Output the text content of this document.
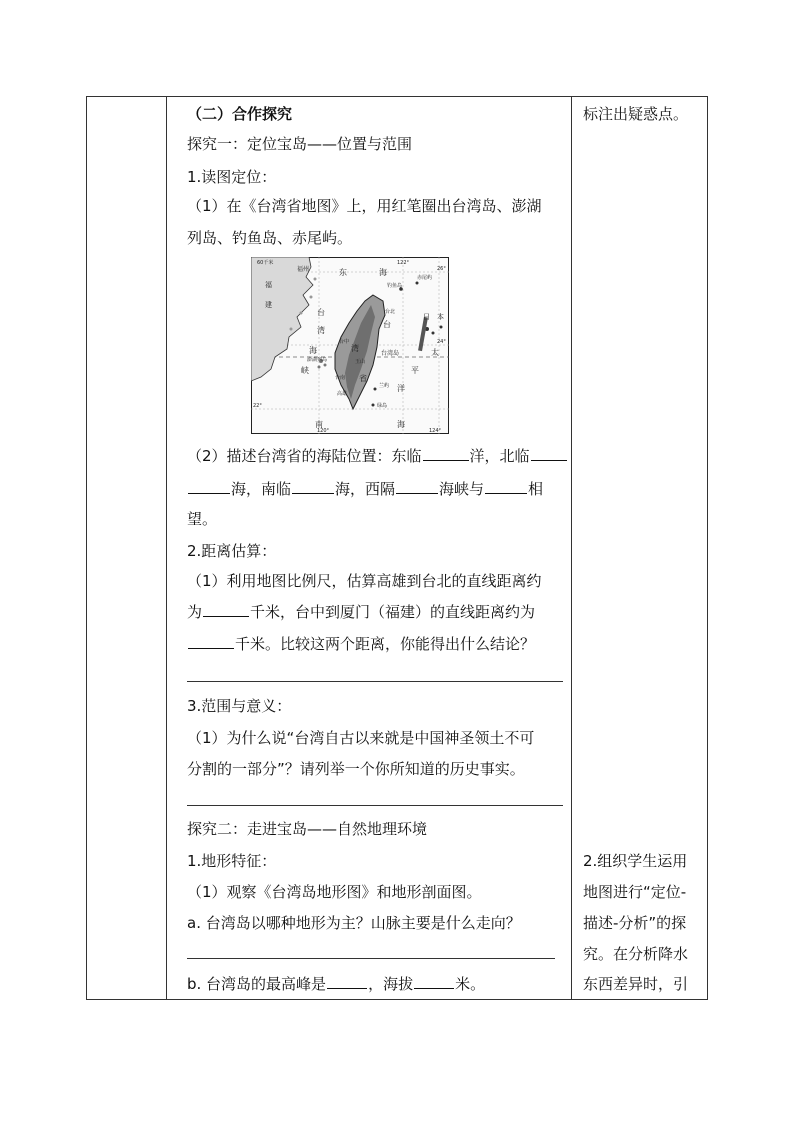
（二）合作探究
探究一：定位宝岛——位置与范围
1.读图定位：
（1）在《台湾省地图》上，用红笔圈出台湾岛、澎湖
列岛、钓鱼岛、赤尾屿。
60千米
福州	东	海
福
建
台
湾
海
峡
台北
台
湾
省
台湾岛
台中
台南
高雄
玉山
澎湖列岛
钓鱼岛
赤尾屿
兰屿
绿岛
太
平
洋
南	海
日 本
26°
24°
22°
120°
122°
124°
（2）描述台湾省的海陆位置：东临	洋，北临
海，南临	海，西隔	海峡与	相
望。
2.距离估算：
（1）利用地图比例尺，估算高雄到台北的直线距离约
为	千米，台中到厦门（福建）的直线距离约为
千米。比较这两个距离，你能得出什么结论？
3.范围与意义：
（1）为什么说“台湾自古以来就是中国神圣领土不可
分割的一部分”？请列举一个你所知道的历史事实。
探究二：走进宝岛——自然地理环境
1.地形特征：
（1）观察《台湾岛地形图》和地形剖面图。
a. 台湾岛以哪种地形为主？山脉主要是什么走向？
b. 台湾岛的最高峰是	，海拔	米。
标注出疑惑点。
2.组织学生运用
地图进行“定位-
描述-分析”的探
究。在分析降水
东西差异时，引
